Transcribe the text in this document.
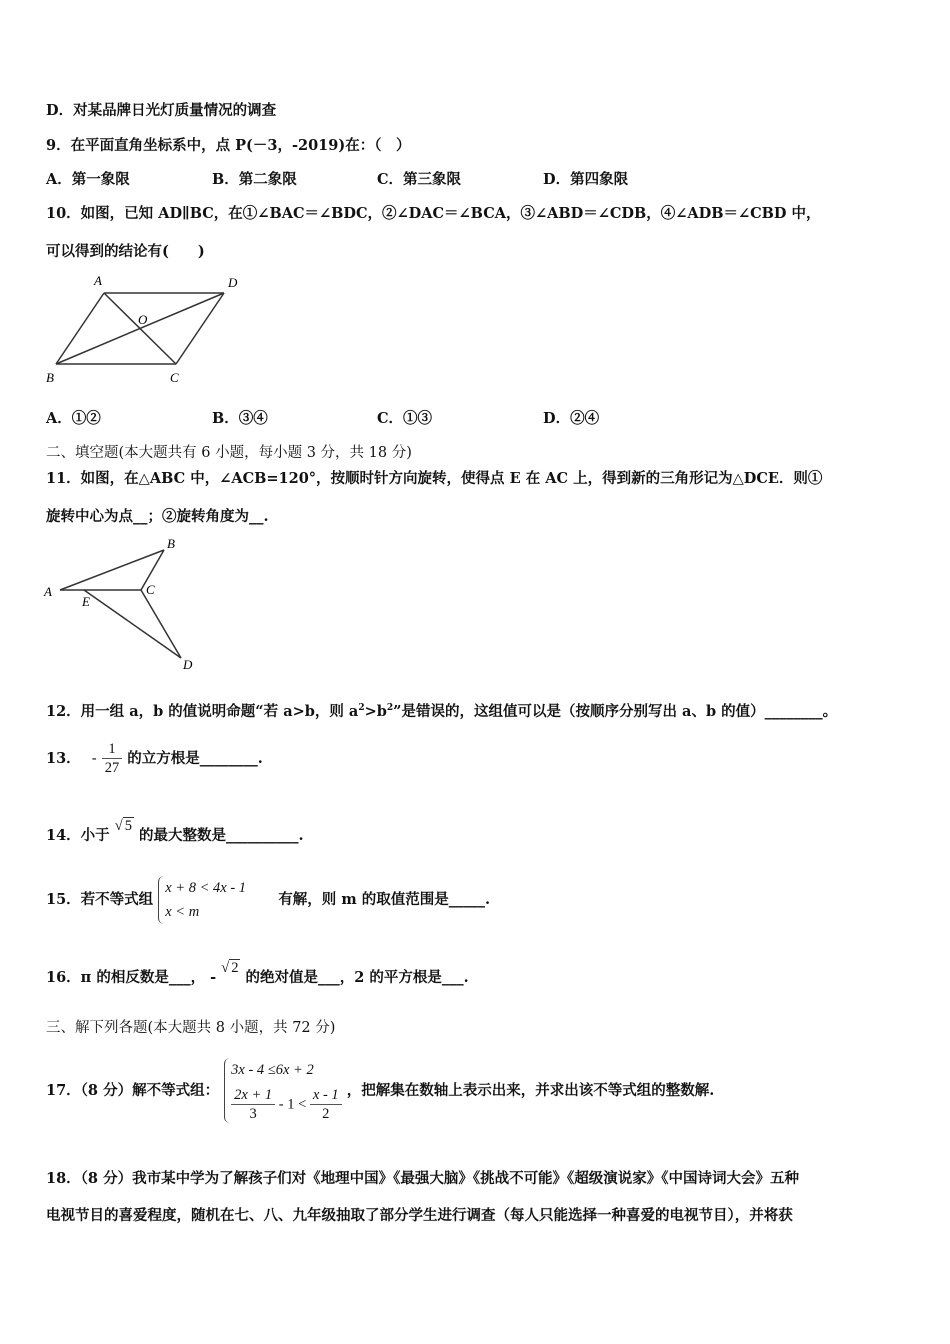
D．对某品牌日光灯质量情况的调查
9．在平面直角坐标系中，点 P(－3，-2019)在：（　）
A．第一象限	B．第二象限	C．第三象限	D．第四象限
10．如图，已知 AD∥BC，在①∠BAC＝∠BDC，②∠DAC＝∠BCA，③∠ABD＝∠CDB，④∠ADB＝∠CBD 中，
可以得到的结论有(　　)
A	D
O
B	C
A．①②	B．③④	C．①③	D．②④
二、填空题(本大题共有 6 小题，每小题 3 分，共 18 分)
11．如图，在△ABC 中，∠ACB=120°，按顺时针方向旋转，使得点 E 在 AC 上，得到新的三角形记为△DCE．则①
旋转中心为点__；②旋转角度为__.
B
A	C
E
D
12．用一组 a，b 的值说明命题“若 a>b，则 $a^2>b^2$”是错误的，这组值可以是（按顺序分别写出 a、b 的值）________。
13． - $\frac{1}{27}$ 的立方根是________.
14．小于 √ 5 的最大整数是__________.
15．若不等式组
x + 8 < 4x - 1
x < m
有解，则 m 的取值范围是_____.
16．π 的相反数是___， - √ 2 的绝对值是___，2 的平方根是___.
三、解下列各题(本大题共 8 小题，共 72 分)
17．（8 分）解不等式组：
3x - 4 ≤6x + 2
$\frac{2x + 1}{3} - 1 < \frac{x - 1}{2}$ ，把解集在数轴上表示出来，并求出该不等式组的整数解.
18．（8 分）我市某中学为了解孩子们对《地理中国》《最强大脑》《挑战不可能》《超级演说家》《中国诗词大会》五种
电视节目的喜爱程度，随机在七、八、九年级抽取了部分学生进行调查（每人只能选择一种喜爱的电视节目），并将获
